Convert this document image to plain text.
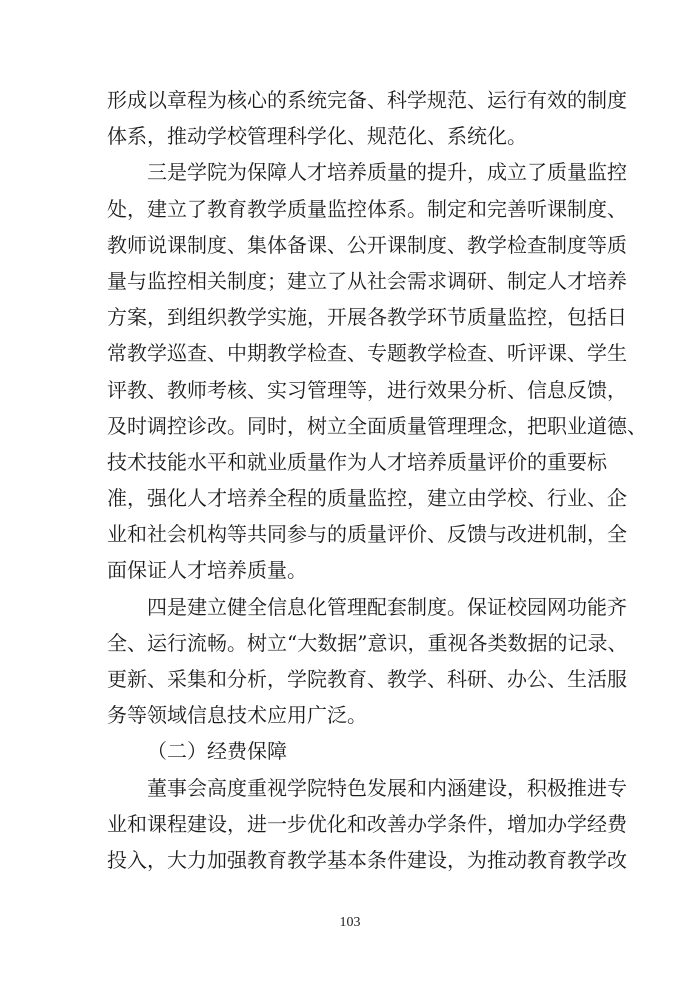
形成以章程为核心的系统完备、科学规范、运行有效的制度
体系，推动学校管理科学化、规范化、系统化。
三是学院为保障人才培养质量的提升，成立了质量监控
处，建立了教育教学质量监控体系。制定和完善听课制度、
教师说课制度、集体备课、公开课制度、教学检查制度等质
量与监控相关制度；建立了从社会需求调研、制定人才培养
方案，到组织教学实施，开展各教学环节质量监控，包括日
常教学巡查、中期教学检查、专题教学检查、听评课、学生
评教、教师考核、实习管理等，进行效果分析、信息反馈，
及时调控诊改。同时，树立全面质量管理理念，把职业道德、
技术技能水平和就业质量作为人才培养质量评价的重要标
准，强化人才培养全程的质量监控，建立由学校、行业、企
业和社会机构等共同参与的质量评价、反馈与改进机制，全
面保证人才培养质量。
四是建立健全信息化管理配套制度。保证校园网功能齐
全、运行流畅。树立“大数据”意识，重视各类数据的记录、
更新、采集和分析，学院教育、教学、科研、办公、生活服
务等领域信息技术应用广泛。
（二）经费保障
董事会高度重视学院特色发展和内涵建设，积极推进专
业和课程建设，进一步优化和改善办学条件，增加办学经费
投入，大力加强教育教学基本条件建设，为推动教育教学改
103
